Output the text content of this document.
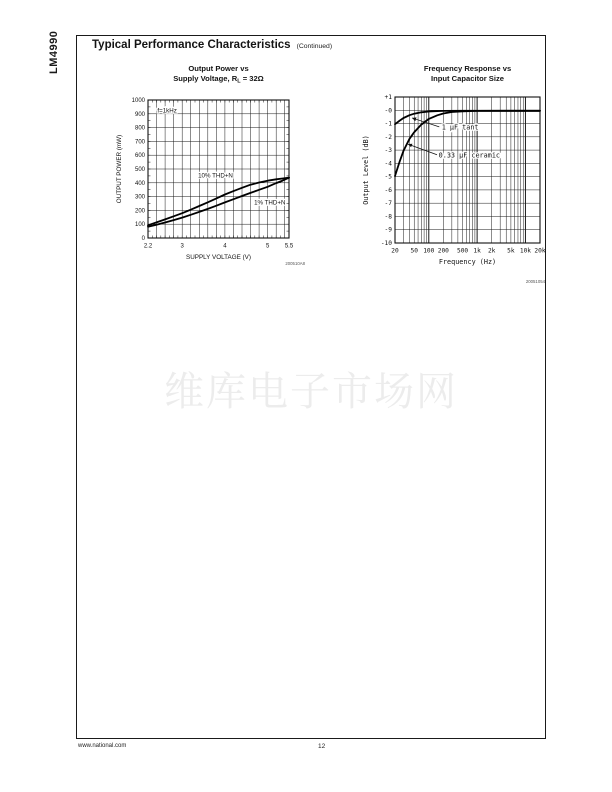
LM4990	Typical Performance Characteristics (Continued)
Output Power vs
Supply Voltage, $R_L = 32\Omega$
Frequency Response vs
Input Capacitor Size
f=1kHz
10% THD+N
1% THD+N
2.2	3	4	5	5.5
0
100
200
300
400
500
600
700
800
900
1000
SUPPLY VOLTAGE (V)
OUTPUT POWER (mW)
200510A8
1 µF tant
0.33 µF ceramic
20 50 100 200 500 1k 2k 5k 10k 20k
+1
-0
-1
-2
-3
-4
-5
-6
-7
-8
-9
-10
Frequency (Hz)
Output Level (dB)
20051054
维库电子市场网
www.national.com	12
